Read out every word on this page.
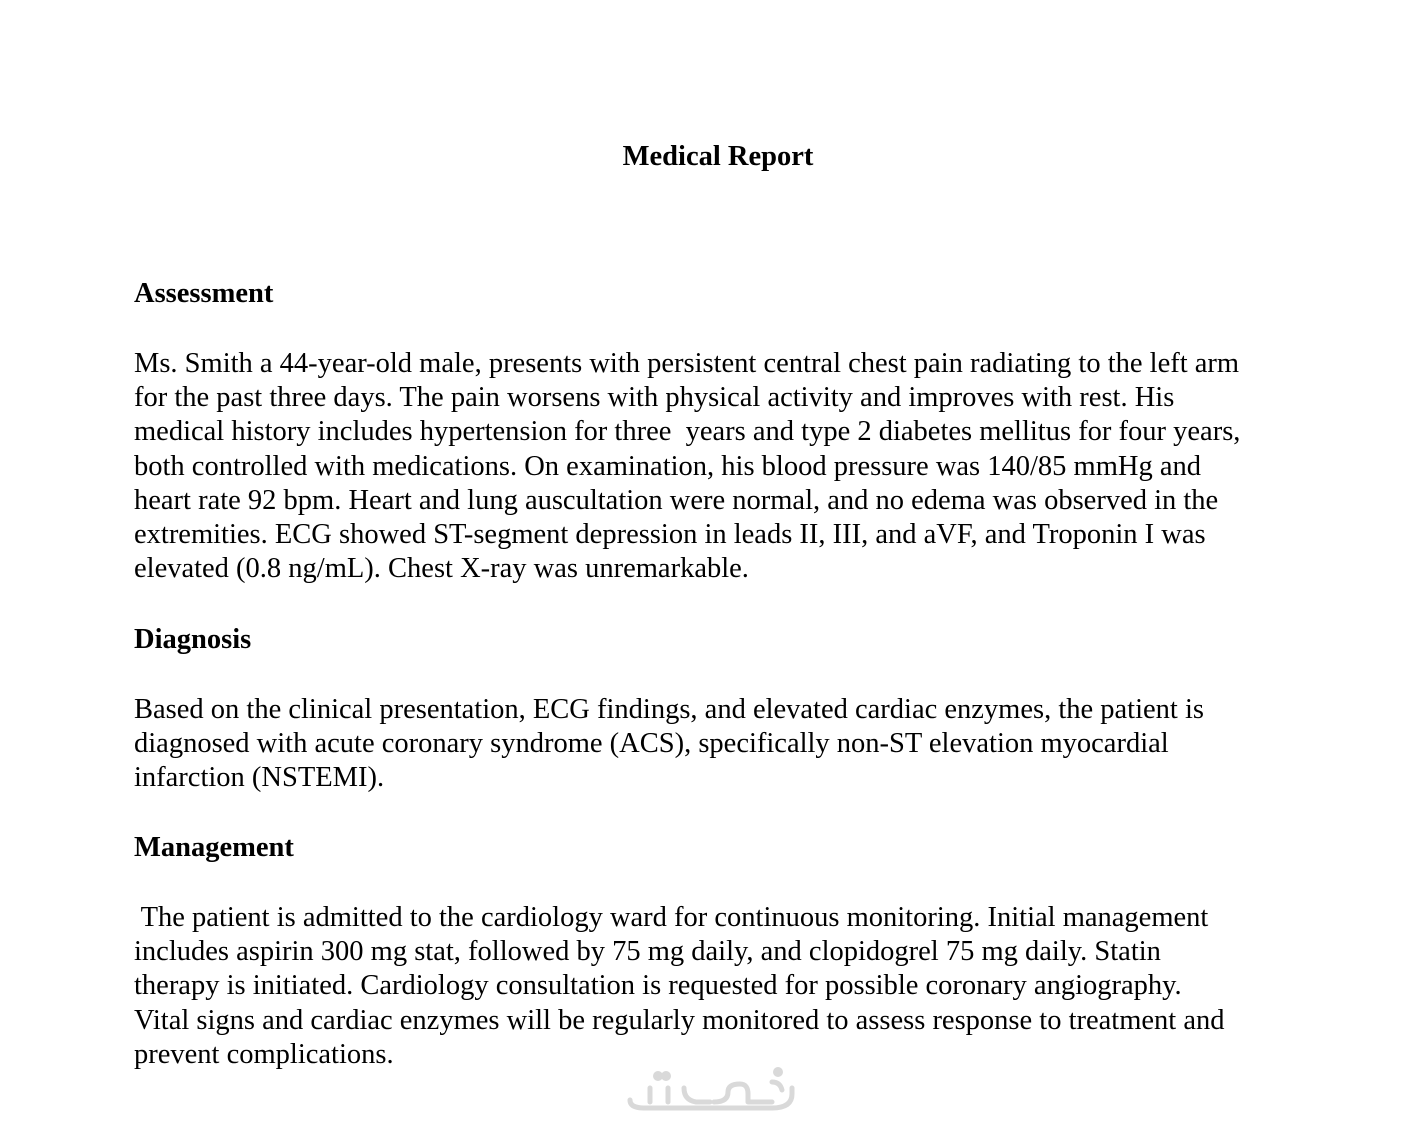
Medical Report
Assessment
Ms. Smith a 44-year-old male, presents with persistent central chest pain radiating to the left arm
for the past three days. The pain worsens with physical activity and improves with rest. His
medical history includes hypertension for three  years and type 2 diabetes mellitus for four years,
both controlled with medications. On examination, his blood pressure was 140/85 mmHg and
heart rate 92 bpm. Heart and lung auscultation were normal, and no edema was observed in the
extremities. ECG showed ST-segment depression in leads II, III, and aVF, and Troponin I was
elevated (0.8 ng/mL). Chest X-ray was unremarkable.
Diagnosis
Based on the clinical presentation, ECG findings, and elevated cardiac enzymes, the patient is
diagnosed with acute coronary syndrome (ACS), specifically non-ST elevation myocardial
infarction (NSTEMI).
Management
The patient is admitted to the cardiology ward for continuous monitoring. Initial management
includes aspirin 300 mg stat, followed by 75 mg daily, and clopidogrel 75 mg daily. Statin
therapy is initiated. Cardiology consultation is requested for possible coronary angiography.
Vital signs and cardiac enzymes will be regularly monitored to assess response to treatment and
prevent complications.
